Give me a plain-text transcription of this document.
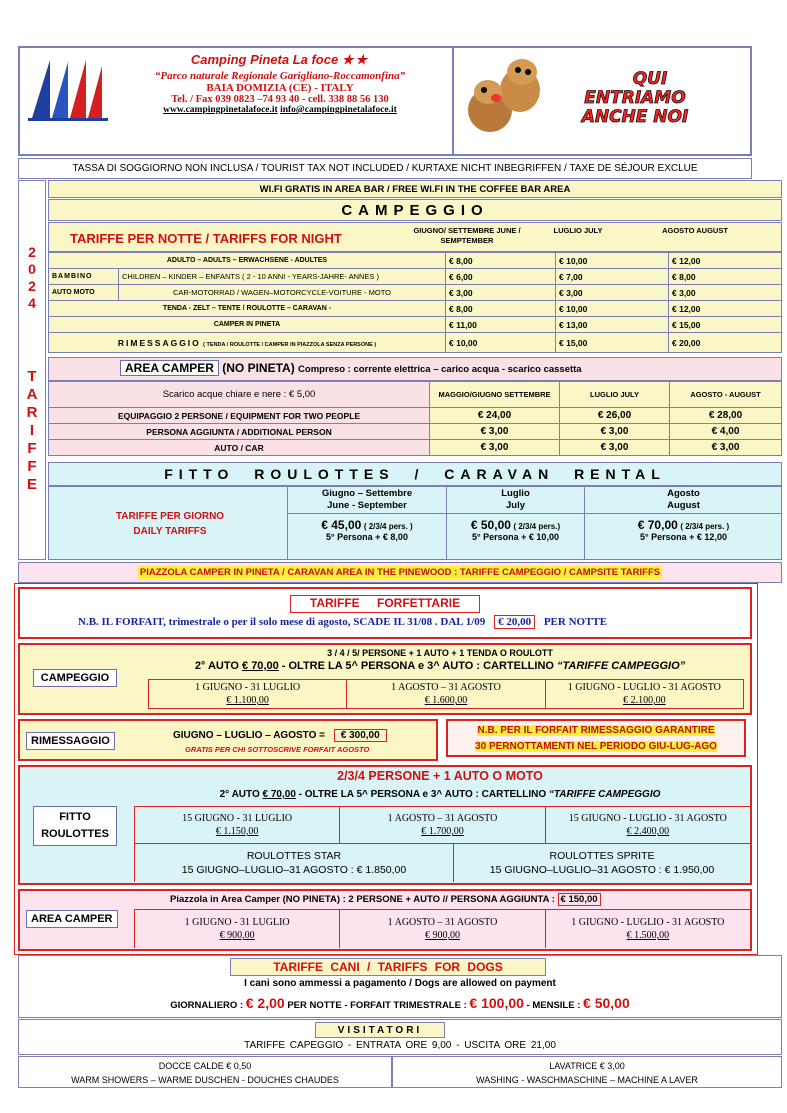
Camping Pineta La foce ★★
“Parco naturale Regionale Garigliano-Roccamonfina”
BAIA DOMIZIA (CE) - ITALY
Tel. / Fax 039 0823 –74 93 40 - cell. 338 88 56 130
www.campingpinetalafoce.it info@campingpinetalafoce.it
QUI
ENTRIAMO
ANCHE NOI
TASSA DI SOGGIORNO NON INCLUSA / TOURIST TAX NOT INCLUDED / KURTAXE NICHT INBEGRIFFEN / TAXE DE SÉJOUR EXCLUE
2
0
2
4
T
A
R
I
F
F
E
WI.FI GRATIS IN AREA BAR / FREE WI.FI IN THE COFFEE BAR AREA
CAMPEGGIO
TARIFFE PER NOTTE / TARIFFS FOR NIGHT
GIUGNO/ SETTEMBRE JUNE / SEMPTEMBER
LUGLIO JULY	AGOSTO AUGUST
ADULTO – ADULTS – ERWACHSENE - ADULTES		€ 8,00	€ 10,00	€ 12,00
BAMBINO	CHILDREN – KINDER – ENFANTS ( 2 - 10 ANNI - YEARS-JAHRE- ANNES )	€ 6,00	€ 7,00	€ 8,00
AUTO MOTO	CAR-MOTORRAD / WAGEN–MOTORCYCLE-VOITURE - MOTO	€ 3,00	€ 3,00	€ 3,00
TENDA - ZELT – TENTE / ROULOTTE – CARAVAN -		€ 8,00	€ 10,00	€ 12,00
CAMPER IN PINETA		€ 11,00	€ 13,00	€ 15,00
RIMESSAGGIO ( TENDA / ROULOTTE / CAMPER IN PIAZZOLA SENZA PERSONE )		€ 10,00	€ 15,00	€ 20,00
AREA CAMPER (NO PINETA) Compreso : corrente elettrica – carico acqua - scarico cassetta
Scarico acque chiare e nere : € 5,00	MAGGIO/GIUGNO SETTEMBRE	LUGLIO JULY	AGOSTO - AUGUST
EQUIPAGGIO 2 PERSONE / EQUIPMENT FOR TWO PEOPLE	€ 24,00	€ 26,00	€ 28,00
PERSONA AGGIUNTA / ADDITIONAL PERSON	€ 3,00	€ 3,00	€ 4,00
AUTO / CAR	€ 3,00	€ 3,00	€ 3,00
FITTO ROULOTTES / CARAVAN RENTAL
TARIFFE PER GIORNO
DAILY TARIFFS
Giugno – Settembre
June - September
€ 45,00 ( 2/3/4 pers. )
5° Persona + € 8,00
Luglio
July
€ 50,00 ( 2/3/4 pers.)
5° Persona + € 10,00
Agosto
August
€ 70,00 ( 2/3/4 pers. )
5° Persona + € 12,00
PIAZZOLA CAMPER IN PINETA / CARAVAN AREA IN THE PINEWOOD : TARIFFE CAMPEGGIO / CAMPSITE TARIFFS
TARIFFE FORFETTARIE
N.B. IL FORFAIT, trimestrale o per il solo mese di agosto, SCADE IL 31/08 . DAL 1/09 € 20,00 PER NOTTE
CAMPEGGIO
3 / 4 / 5/ PERSONE + 1 AUTO + 1 TENDA O ROULOTT
2° AUTO € 70,00 - OLTRE LA 5^ PERSONA e 3^ AUTO : CARTELLINO “TARIFFE CAMPEGGIO”
1 GIUGNO - 31 LUGLIO
€ 1.100,00
1 AGOSTO – 31 AGOSTO
€ 1.600,00
1 GIUGNO - LUGLIO - 31 AGOSTO
€ 2.100,00
RIMESSAGGIO	GIUGNO – LUGLIO – AGOSTO = € 300,00
GRATIS PER CHI SOTTOSCRIVE FORFAIT AGOSTO
N.B. PER IL FORFAIT RIMESSAGGIO GARANTIRE
30 PERNOTTAMENTI NEL PERIODO GIU-LUG-AGO
FITTO
ROULOTTES
2/3/4 PERSONE + 1 AUTO O MOTO
2° AUTO € 70,00 - OLTRE LA 5^ PERSONA e 3^ AUTO : CARTELLINO “TARIFFE CAMPEGGIO
15 GIUGNO - 31 LUGLIO
€ 1.150,00
1 AGOSTO – 31 AGOSTO
€ 1.700,00
15 GIUGNO - LUGLIO - 31 AGOSTO
€ 2.400,00
ROULOTTES STAR
15 GIUGNO–LUGLIO–31 AGOSTO : € 1.850,00
ROULOTTES SPRITE
15 GIUGNO–LUGLIO–31 AGOSTO : € 1.950,00
AREA CAMPER
Piazzola in Area Camper (NO PINETA) : 2 PERSONE + AUTO // PERSONA AGGIUNTA : € 150,00
1 GIUGNO - 31 LUGLIO
€ 900,00
1 AGOSTO – 31 AGOSTO
€ 900,00
1 GIUGNO - LUGLIO - 31 AGOSTO
€ 1.500,00
TARIFFE CANI / TARIFFS FOR DOGS
I cani sono ammessi a pagamento / Dogs are allowed on payment
GIORNALIERO : € 2,00 PER NOTTE - FORFAIT TRIMESTRALE : € 100,00 - MENSILE : € 50,00
VISITATORI
TARIFFE CAPEGGIO - ENTRATA ORE 9,00 - USCITA ORE 21,00
DOCCE CALDE € 0,50
WARM SHOWERS – WARME DUSCHEN - DOUCHES CHAUDES
LAVATRICE € 3,00
WASHING - WASCHMASCHINE – MACHINE A LAVER
